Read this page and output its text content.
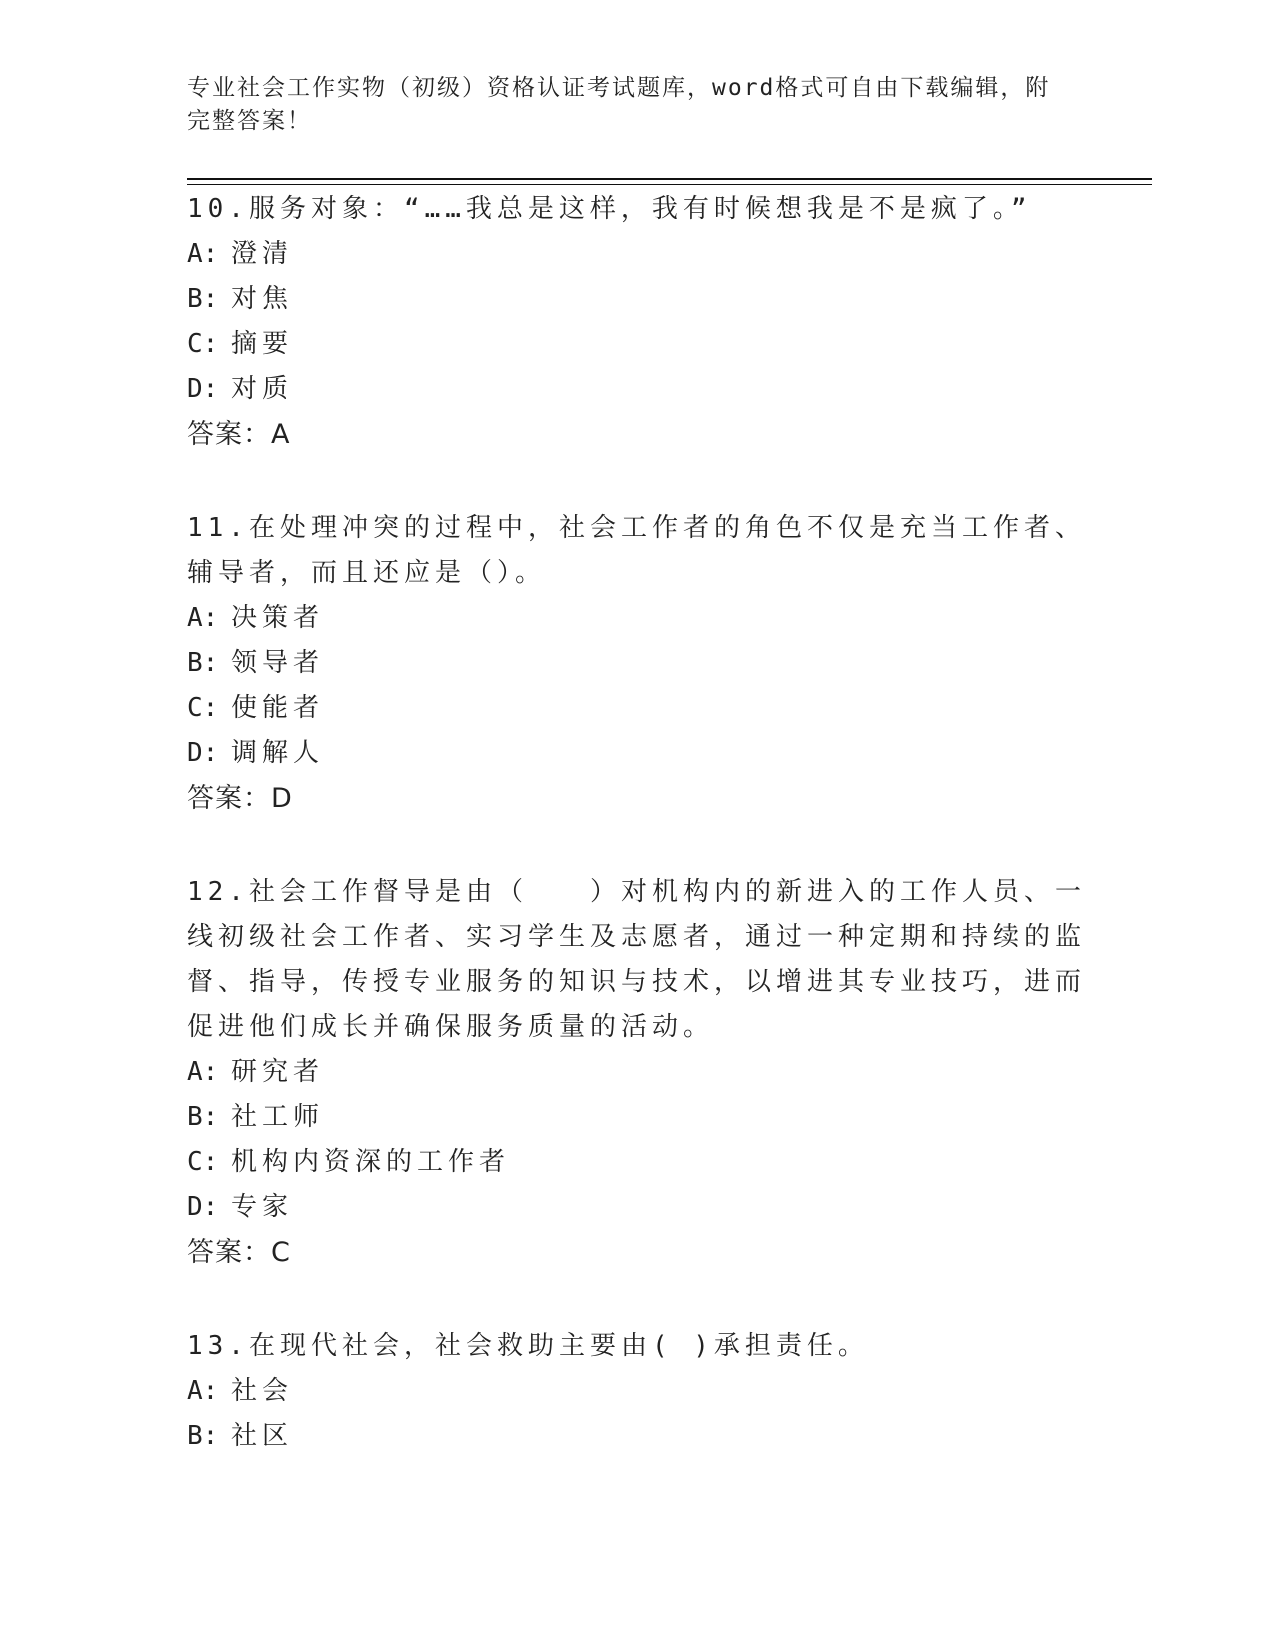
专业社会工作实物（初级）资格认证考试题库，word格式可自由下载编辑，附完整答案！

10.服务对象：“……我总是这样，我有时候想我是不是疯了。”

A: 澄清
B: 对焦
C: 摘要
D: 对质
答案：A

11.在处理冲突的过程中，社会工作者的角色不仅是充当工作者、辅导者，而且还应是（）。

A: 决策者
B: 领导者
C: 使能者
D: 调解人
答案：D

12.社会工作督导是由（　　）对机构内的新进入的工作人员、一线初级社会工作者、实习学生及志愿者，通过一种定期和持续的监督、指导，传授专业服务的知识与技术，以增进其专业技巧，进而促进他们成长并确保服务质量的活动。

A: 研究者
B: 社工师
C: 机构内资深的工作者
D: 专家
答案：C

13.在现代社会，社会救助主要由( )承担责任。

A: 社会
B: 社区
